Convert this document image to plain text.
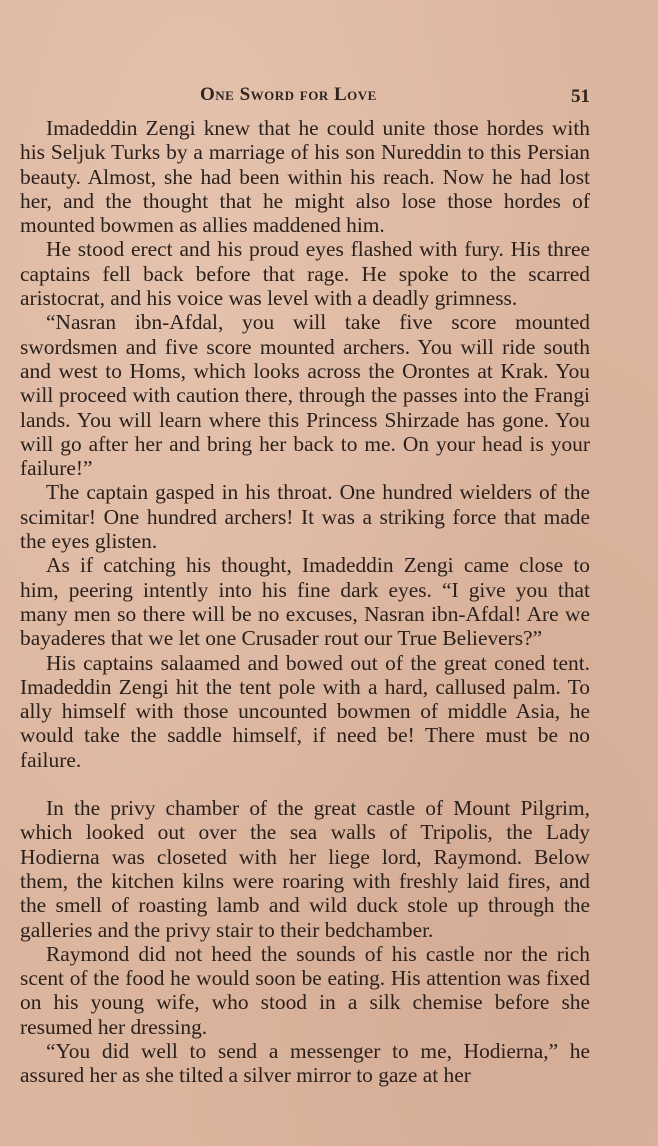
One Sword for Love	51

Imadeddin Zengi knew that he could unite those hordes with his Seljuk Turks by a marriage of his son Nureddin to this Persian beauty. Almost, she had been within his reach. Now he had lost her, and the thought that he might also lose those hordes of mounted bowmen as allies maddened him.

He stood erect and his proud eyes flashed with fury. His three captains fell back before that rage. He spoke to the scarred aristocrat, and his voice was level with a deadly grimness.

“Nasran ibn-Afdal, you will take five score mounted swordsmen and five score mounted archers. You will ride south and west to Homs, which looks across the Orontes at Krak. You will proceed with caution there, through the passes into the Frangi lands. You will learn where this Princess Shirzade has gone. You will go after her and bring her back to me. On your head is your failure!”

The captain gasped in his throat. One hundred wielders of the scimitar! One hundred archers! It was a striking force that made the eyes glisten.

As if catching his thought, Imadeddin Zengi came close to him, peering intently into his fine dark eyes. “I give you that many men so there will be no excuses, Nasran ibn-Afdal! Are we bayaderes that we let one Crusader rout our True Believers?”

His captains salaamed and bowed out of the great coned tent. Imadeddin Zengi hit the tent pole with a hard, callused palm. To ally himself with those uncounted bowmen of middle Asia, he would take the saddle himself, if need be! There must be no failure.

In the privy chamber of the great castle of Mount Pilgrim, which looked out over the sea walls of Tripolis, the Lady Hodierna was closeted with her liege lord, Raymond. Below them, the kitchen kilns were roaring with freshly laid fires, and the smell of roasting lamb and wild duck stole up through the galleries and the privy stair to their bedchamber.

Raymond did not heed the sounds of his castle nor the rich scent of the food he would soon be eating. His attention was fixed on his young wife, who stood in a silk chemise before she resumed her dressing.

“You did well to send a messenger to me, Hodierna,” he assured her as she tilted a silver mirror to gaze at her
